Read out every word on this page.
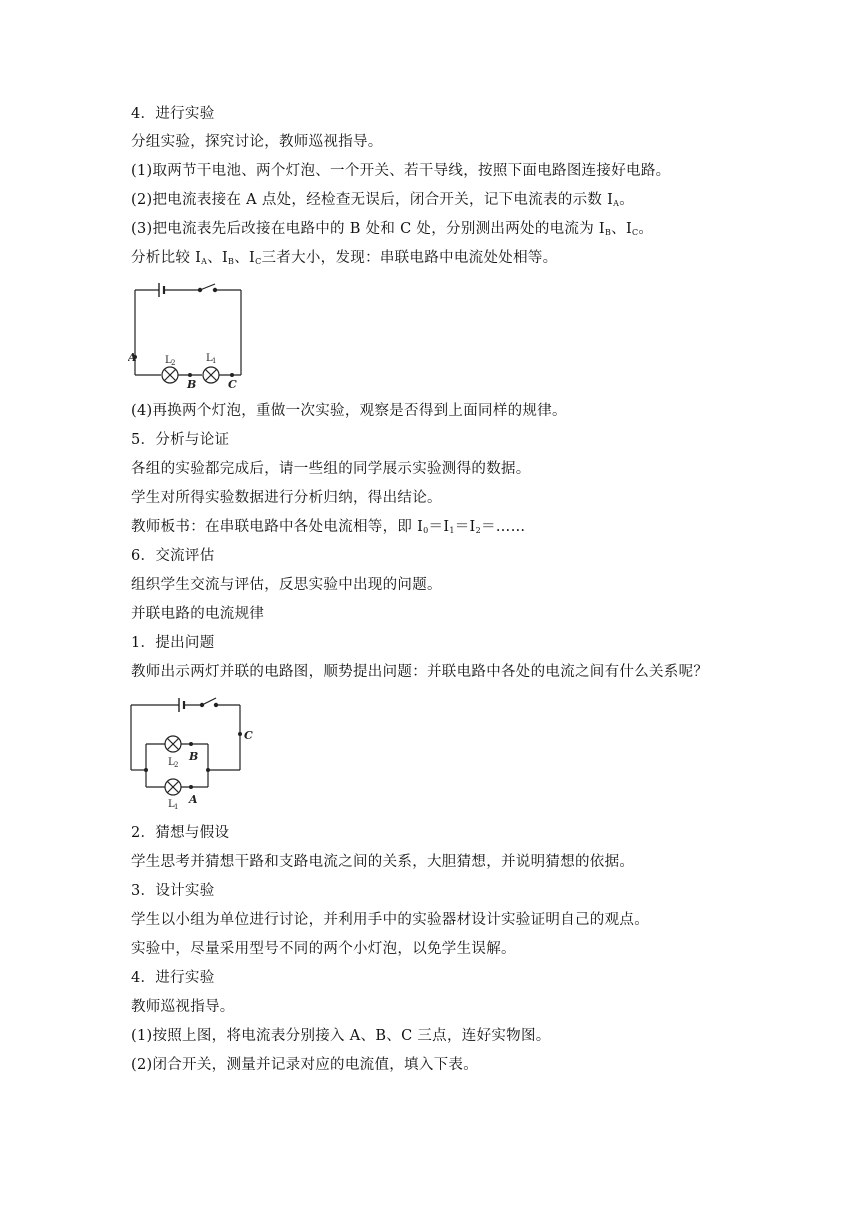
4．进行实验
分组实验，探究讨论，教师巡视指导。
(1)取两节干电池、两个灯泡、一个开关、若干导线，按照下面电路图连接好电路。
(2)把电流表接在 A 点处，经检查无误后，闭合开关，记下电流表的示数 $I_A$。
(3)把电流表先后改接在电路中的 B 处和 C 处，分别测出两处的电流为 $I_B$、$I_C$。
分析比较 $I_A$、$I_B$、$I_C$三者大小，发现：串联电路中电流处处相等。
A
B	C
L 2	L 1
(4)再换两个灯泡，重做一次实验，观察是否得到上面同样的规律。
5．分析与论证
各组的实验都完成后，请一些组的同学展示实验测得的数据。
学生对所得实验数据进行分析归纳，得出结论。
教师板书：在串联电路中各处电流相等，即 $I_0=I_1=I_2=\dots\dots$
6．交流评估
组织学生交流与评估，反思实验中出现的问题。
并联电路的电流规律
1．提出问题
教师出示两灯并联的电路图，顺势提出问题：并联电路中各处的电流之间有什么关系呢？
C
B
A
L 2
L 1
2．猜想与假设
学生思考并猜想干路和支路电流之间的关系，大胆猜想，并说明猜想的依据。
3．设计实验
学生以小组为单位进行讨论，并利用手中的实验器材设计实验证明自己的观点。
实验中，尽量采用型号不同的两个小灯泡，以免学生误解。
4．进行实验
教师巡视指导。
(1)按照上图，将电流表分别接入 A、B、C 三点，连好实物图。
(2)闭合开关，测量并记录对应的电流值，填入下表。
